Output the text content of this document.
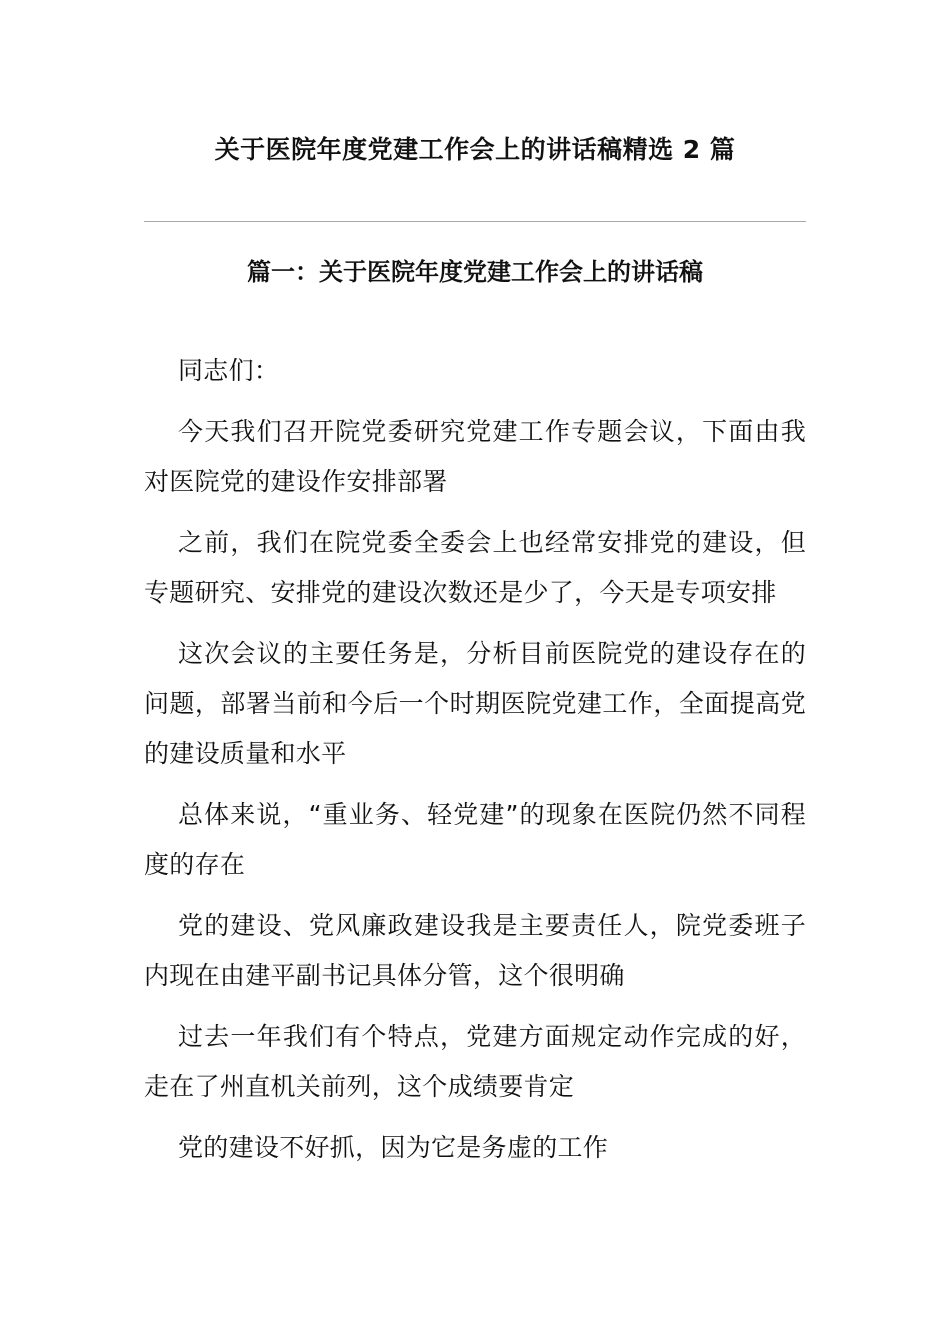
关于医院年度党建工作会上的讲话稿精选 2 篇
篇一：关于医院年度党建工作会上的讲话稿

同志们：

今天我们召开院党委研究党建工作专题会议，下面由我对医院党的建设作安排部署

之前，我们在院党委全委会上也经常安排党的建设，但专题研究、安排党的建设次数还是少了，今天是专项安排

这次会议的主要任务是，分析目前医院党的建设存在的问题，部署当前和今后一个时期医院党建工作，全面提高党的建设质量和水平

总体来说，“重业务、轻党建”的现象在医院仍然不同程度的存在

党的建设、党风廉政建设我是主要责任人，院党委班子内现在由建平副书记具体分管，这个很明确

过去一年我们有个特点，党建方面规定动作完成的好，走在了州直机关前列，这个成绩要肯定

党的建设不好抓，因为它是务虚的工作
